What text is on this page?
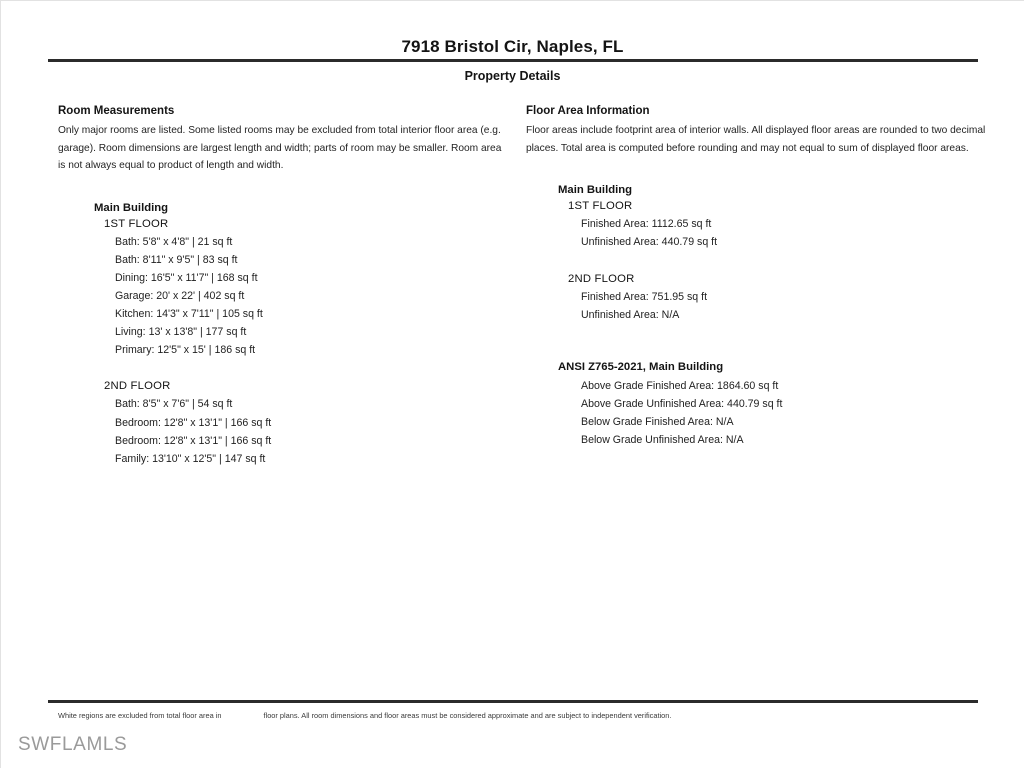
7918 Bristol Cir, Naples, FL
Property Details
Room Measurements

Only major rooms are listed. Some listed rooms may be excluded from total interior floor area (e.g. garage). Room dimensions are largest length and width; parts of room may be smaller. Room area is not always equal to product of length and width.

Main Building
1ST FLOOR
Bath: 5'8" x 4'8" | 21 sq ft
Bath: 8'11" x 9'5" | 83 sq ft
Dining: 16'5" x 11'7" | 168 sq ft
Garage: 20' x 22' | 402 sq ft
Kitchen: 14'3" x 7'11" | 105 sq ft
Living: 13' x 13'8" | 177 sq ft
Primary: 12'5" x 15' | 186 sq ft
2ND FLOOR
Bath: 8'5" x 7'6" | 54 sq ft
Bedroom: 12'8" x 13'1" | 166 sq ft
Bedroom: 12'8" x 13'1" | 166 sq ft
Family: 13'10" x 12'5" | 147 sq ft
Floor Area Information

Floor areas include footprint area of interior walls. All displayed floor areas are rounded to two decimal places. Total area is computed before rounding and may not equal to sum of displayed floor areas.

Main Building
1ST FLOOR
Finished Area: 1112.65 sq ft
Unfinished Area: 440.79 sq ft
2ND FLOOR
Finished Area: 751.95 sq ft
Unfinished Area: N/A
ANSI Z765-2021, Main Building
Above Grade Finished Area: 1864.60 sq ft
Above Grade Unfinished Area: 440.79 sq ft
Below Grade Finished Area: N/A
Below Grade Unfinished Area: N/A
White regions are excluded from total floor area in	floor plans. All room dimensions and floor areas must be considered approximate and are subject to independent verification.
SWFLAMLS
